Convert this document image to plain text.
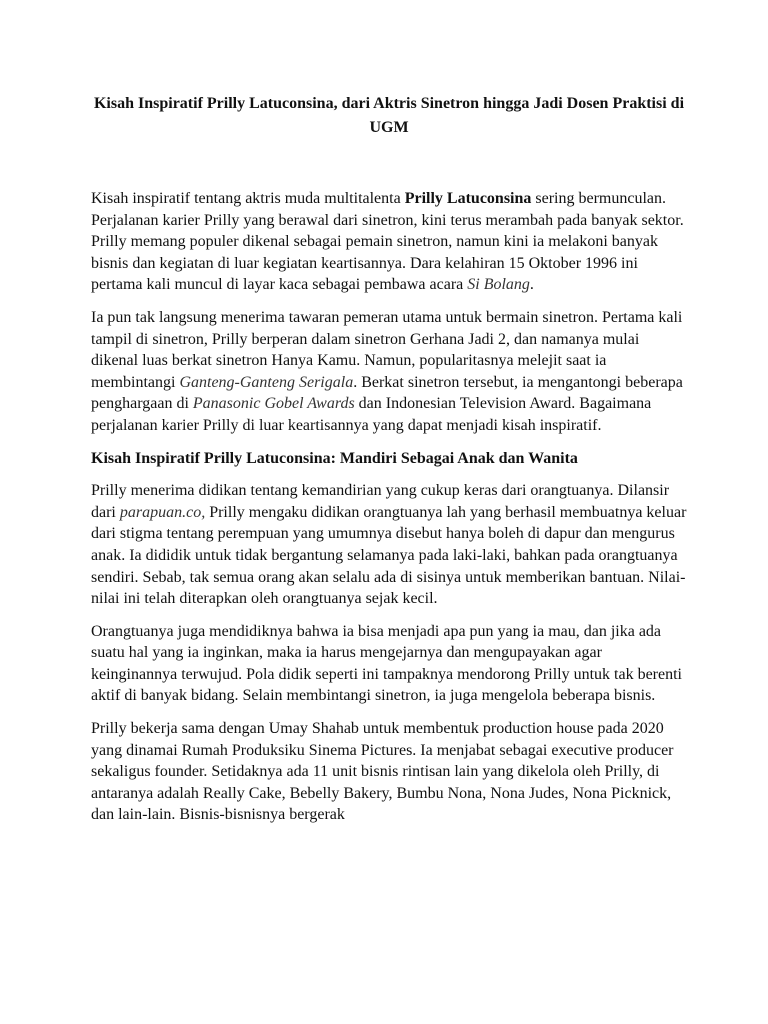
Kisah Inspiratif Prilly Latuconsina, dari Aktris Sinetron hingga Jadi Dosen Praktisi di UGM

Kisah inspiratif tentang aktris muda multitalenta Prilly Latuconsina sering bermunculan. Perjalanan karier Prilly yang berawal dari sinetron, kini terus merambah pada banyak sektor. Prilly memang populer dikenal sebagai pemain sinetron, namun kini ia melakoni banyak bisnis dan kegiatan di luar kegiatan keartisannya. Dara kelahiran 15 Oktober 1996 ini pertama kali muncul di layar kaca sebagai pembawa acara Si Bolang.

Ia pun tak langsung menerima tawaran pemeran utama untuk bermain sinetron. Pertama kali tampil di sinetron, Prilly berperan dalam sinetron Gerhana Jadi 2, dan namanya mulai dikenal luas berkat sinetron Hanya Kamu. Namun, popularitasnya melejit saat ia membintangi Ganteng-Ganteng Serigala. Berkat sinetron tersebut, ia mengantongi beberapa penghargaan di Panasonic Gobel Awards dan Indonesian Television Award. Bagaimana perjalanan karier Prilly di luar keartisannya yang dapat menjadi kisah inspiratif.

Kisah Inspiratif Prilly Latuconsina: Mandiri Sebagai Anak dan Wanita

Prilly menerima didikan tentang kemandirian yang cukup keras dari orangtuanya. Dilansir dari parapuan.co, Prilly mengaku didikan orangtuanya lah yang berhasil membuatnya keluar dari stigma tentang perempuan yang umumnya disebut hanya boleh di dapur dan mengurus anak. Ia dididik untuk tidak bergantung selamanya pada laki-laki, bahkan pada orangtuanya sendiri. Sebab, tak semua orang akan selalu ada di sisinya untuk memberikan bantuan. Nilai-nilai ini telah diterapkan oleh orangtuanya sejak kecil.

Orangtuanya juga mendidiknya bahwa ia bisa menjadi apa pun yang ia mau, dan jika ada suatu hal yang ia inginkan, maka ia harus mengejarnya dan mengupayakan agar keinginannya terwujud. Pola didik seperti ini tampaknya mendorong Prilly untuk tak berenti aktif di banyak bidang. Selain membintangi sinetron, ia juga mengelola beberapa bisnis.

Prilly bekerja sama dengan Umay Shahab untuk membentuk production house pada 2020 yang dinamai Rumah Produksiku Sinema Pictures. Ia menjabat sebagai executive producer sekaligus founder. Setidaknya ada 11 unit bisnis rintisan lain yang dikelola oleh Prilly, di antaranya adalah Really Cake, Bebelly Bakery, Bumbu Nona, Nona Judes, Nona Picknick, dan lain-lain. Bisnis-bisnisnya bergerak
